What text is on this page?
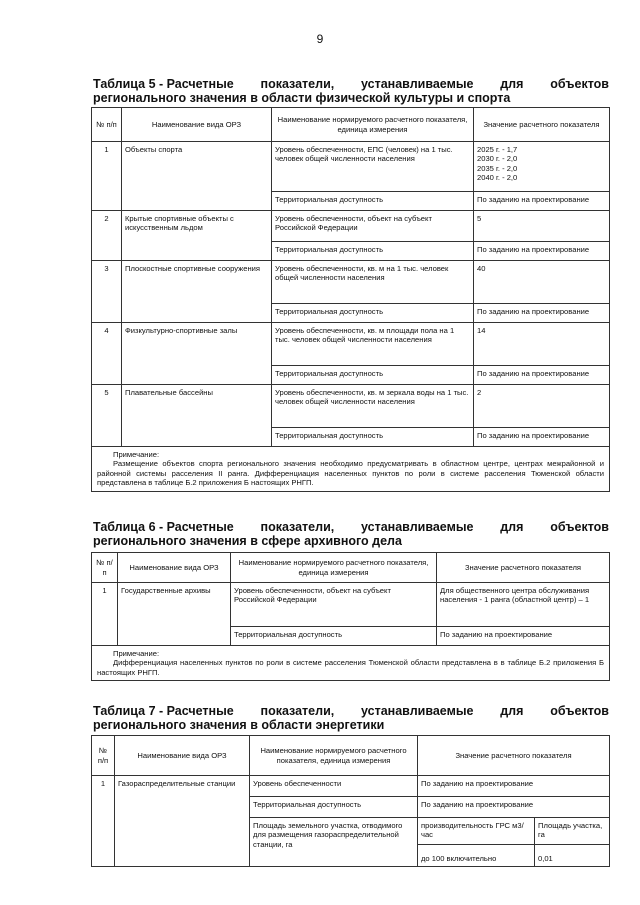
9
Таблица 5 - Расчетные показатели, устанавливаемые для объектов
регионального значения в области физической культуры и спорта
№ п/п	Наименование вида ОРЗ	Наименование нормируемого расчетного показателя, единица измерения	Значение расчетного показателя
1	Объекты спорта	Уровень обеспеченности, ЕПС (человек) на 1 тыс. человек общей численности населения	2025 г. - 1,7
2030 г. - 2,0
2035 г. - 2,0
2040 г. - 2,0

		Территориальная доступность	По заданию на проектирование
2	Крытые спортивные объекты с искусственным льдом	Уровень обеспеченности, объект на субъект Российской Федерации	5
		Территориальная доступность	По заданию на проектирование
3	Плоскостные спортивные сооружения	Уровень обеспеченности, кв. м на 1 тыс. человек общей численности населения	40
		Территориальная доступность	По заданию на проектирование
4	Физкультурно-спортивные залы	Уровень обеспеченности, кв. м площади пола на 1 тыс. человек общей численности населения	14
		Территориальная доступность	По заданию на проектирование
5	Плавательные бассейны	Уровень обеспеченности, кв. м зеркала воды на 1 тыс. человек общей численности населения	2
		Территориальная доступность	По заданию на проектирование

Примечание:
Размещение объектов спорта регионального значения необходимо предусматривать в областном центре, центрах межрайонной и районной системы расселения II ранга. Дифференциация населенных пунктов по роли в системе расселения Тюменской области представлена в таблице Б.2 приложения Б настоящих РНГП.			
Таблица 6 - Расчетные показатели, устанавливаемые для объектов
регионального значения в сфере архивного дела
№ п/п	Наименование вида ОРЗ	Наименование нормируемого расчетного показателя, единица измерения	Значение расчетного показателя
1	Государственные архивы	Уровень обеспеченности, объект на субъект Российской Федерации	Для общественного центра обслуживания населения - 1 ранга (областной центр) – 1
		Территориальная доступность	По заданию на проектирование

Примечание:
Дифференциация населенных пунктов по роли в системе расселения Тюменской области представлена в в таблице Б.2 приложения Б настоящих РНГП.			
Таблица 7 - Расчетные показатели, устанавливаемые для объектов
регионального значения в области энергетики
№ п/п	Наименование вида ОРЗ	Наименование нормируемого расчетного показателя, единица измерения	Значение расчетного показателя	
1	Газораспределительные станции	Уровень обеспеченности	По заданию на проектирование	
		Территориальная доступность	По заданию на проектирование	
		Площадь земельного участка, отводимого для размещения газораспределительной станции, га	производительность ГРС м3/час	Площадь участка, га
			до 100 включительно	0,01
